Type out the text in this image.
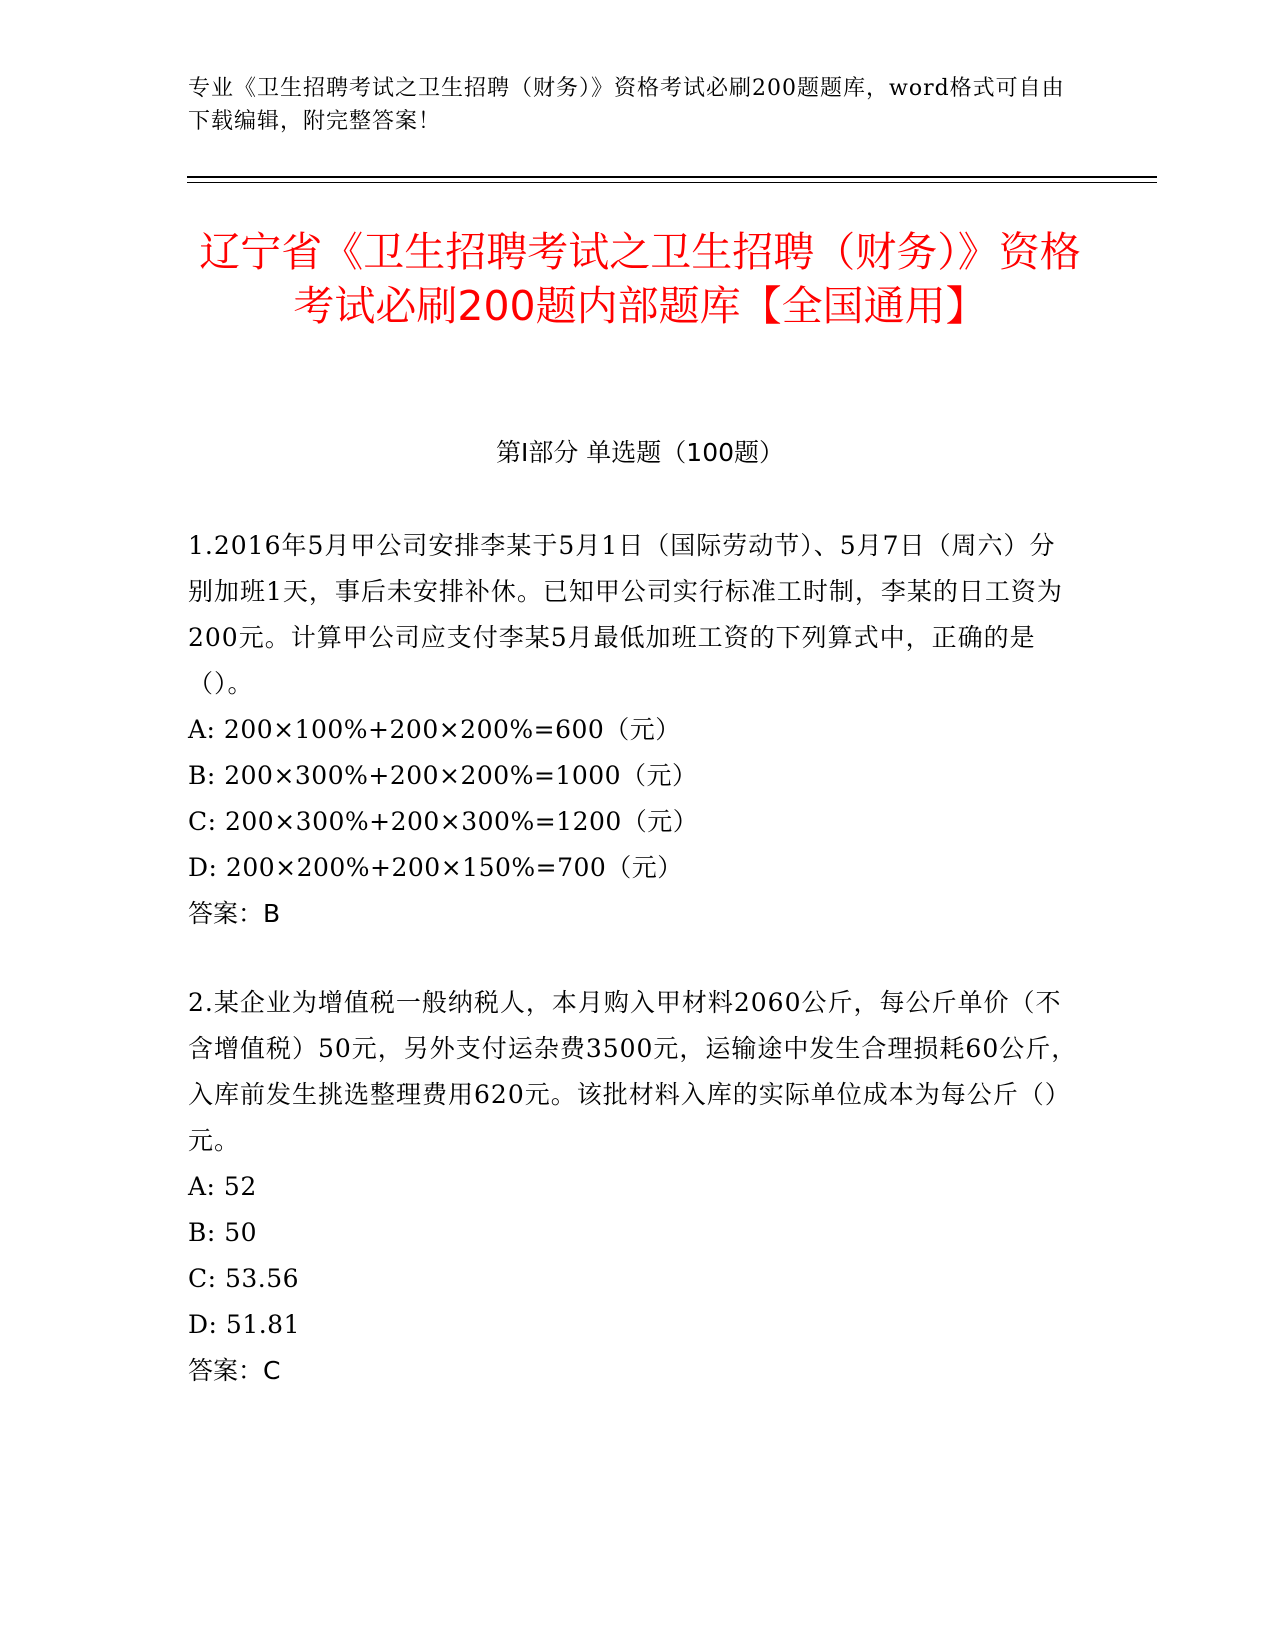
专业《卫生招聘考试之卫生招聘（财务）》资格考试必刷200题题库，word格式可自由下载编辑，附完整答案！
辽宁省《卫生招聘考试之卫生招聘（财务）》资格考试必刷200题内部题库【全国通用】
第I部分 单选题（100题）
1.2016年5月甲公司安排李某于5月1日（国际劳动节）、5月7日（周六）分别加班1天，事后未安排补休。已知甲公司实行标准工时制，李某的日工资为200元。计算甲公司应支付李某5月最低加班工资的下列算式中，正确的是（）。
A: 200×100%+200×200%=600（元）
B: 200×300%+200×200%=1000（元）
C: 200×300%+200×300%=1200（元）
D: 200×200%+200×150%=700（元）
答案：B
2.某企业为增值税一般纳税人，本月购入甲材料2060公斤，每公斤单价（不含增值税）50元，另外支付运杂费3500元，运输途中发生合理损耗60公斤，入库前发生挑选整理费用620元。该批材料入库的实际单位成本为每公斤（）元。
A: 52
B: 50
C: 53.56
D: 51.81
答案：C
